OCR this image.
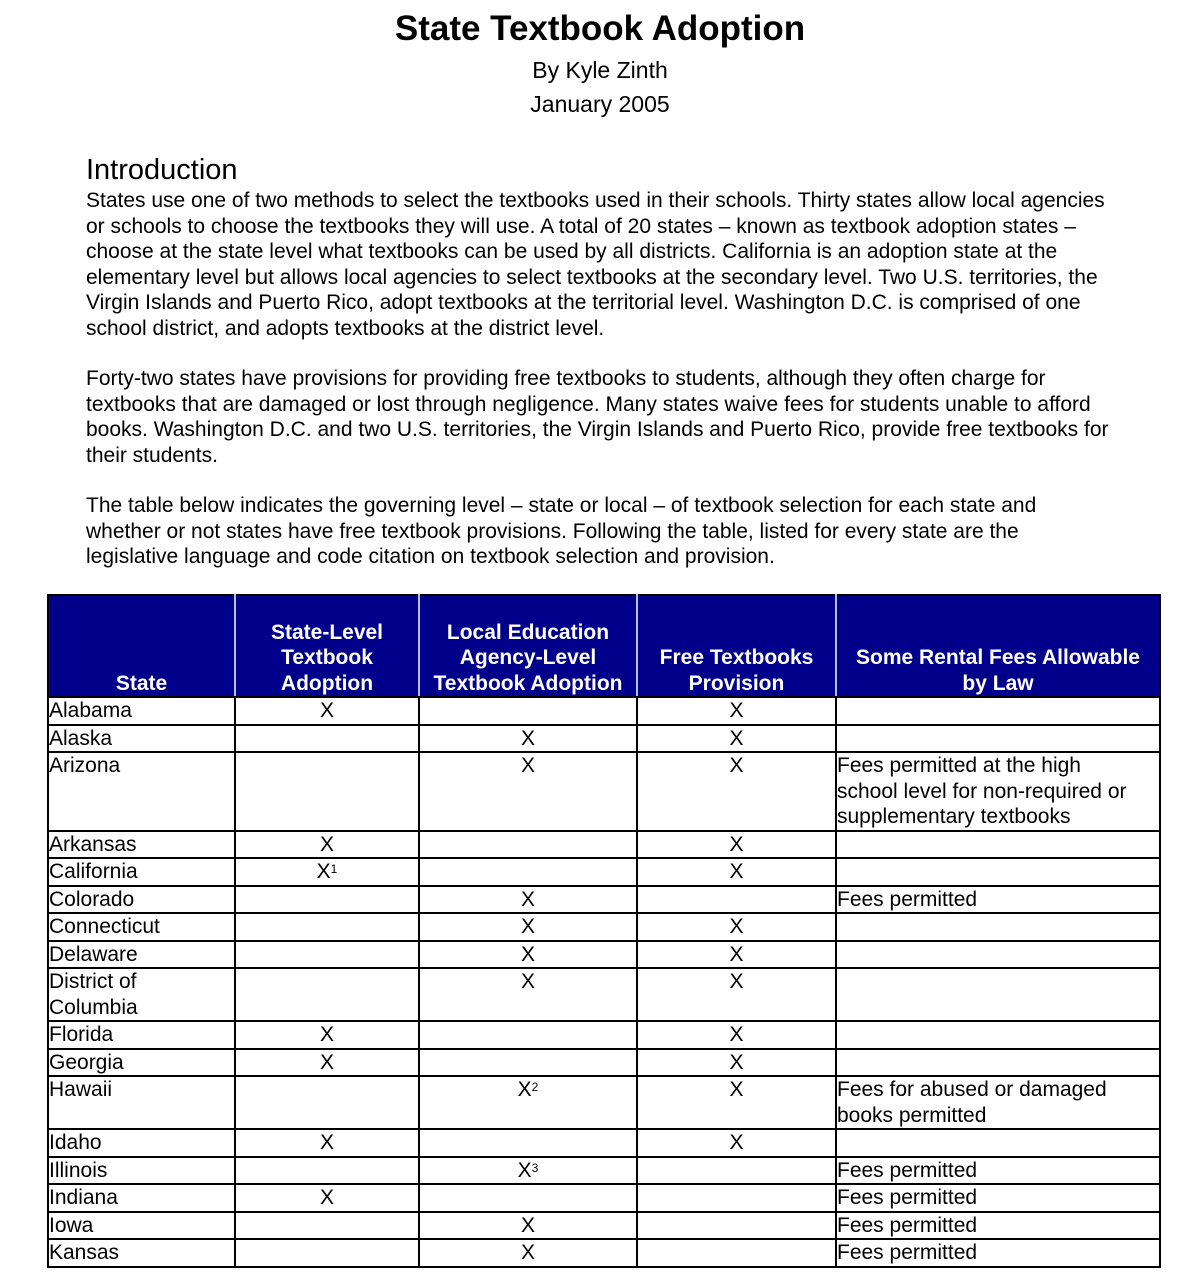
State Textbook Adoption
By Kyle Zinth
January 2005
Introduction

States use one of two methods to select the textbooks used in their schools. Thirty states allow local agencies or schools to choose the textbooks they will use. A total of 20 states – known as textbook adoption states – choose at the state level what textbooks can be used by all districts. California is an adoption state at the elementary level but allows local agencies to select textbooks at the secondary level. Two U.S. territories, the Virgin Islands and Puerto Rico, adopt textbooks at the territorial level. Washington D.C. is comprised of one school district, and adopts textbooks at the district level.

Forty-two states have provisions for providing free textbooks to students, although they often charge for textbooks that are damaged or lost through negligence. Many states waive fees for students unable to afford books. Washington D.C. and two U.S. territories, the Virgin Islands and Puerto Rico, provide free textbooks for their students.

The table below indicates the governing level – state or local – of textbook selection for each state and whether or not states have free textbook provisions. Following the table, listed for every state are the legislative language and code citation on textbook selection and provision.

State	State-Level Textbook Adoption	Local Education Agency-Level Textbook Adoption	Free Textbooks Provision	Some Rental Fees Allowable by Law
Alabama	X		X	
Alaska		X	X	
Arizona		X	X	Fees permitted at the high school level for non-required or supplementary textbooks
Arkansas	X		X	
California	$X^1$		X	
Colorado		X		Fees permitted
Connecticut		X	X	
Delaware		X	X	
District of Columbia		X	X	
Florida	X		X	
Georgia	X		X	
Hawaii		$X^2$	X	Fees for abused or damaged books permitted
Idaho	X		X	
Illinois		$X^3$		Fees permitted
Indiana	X			Fees permitted
Iowa		X		Fees permitted
Kansas		X		Fees permitted
